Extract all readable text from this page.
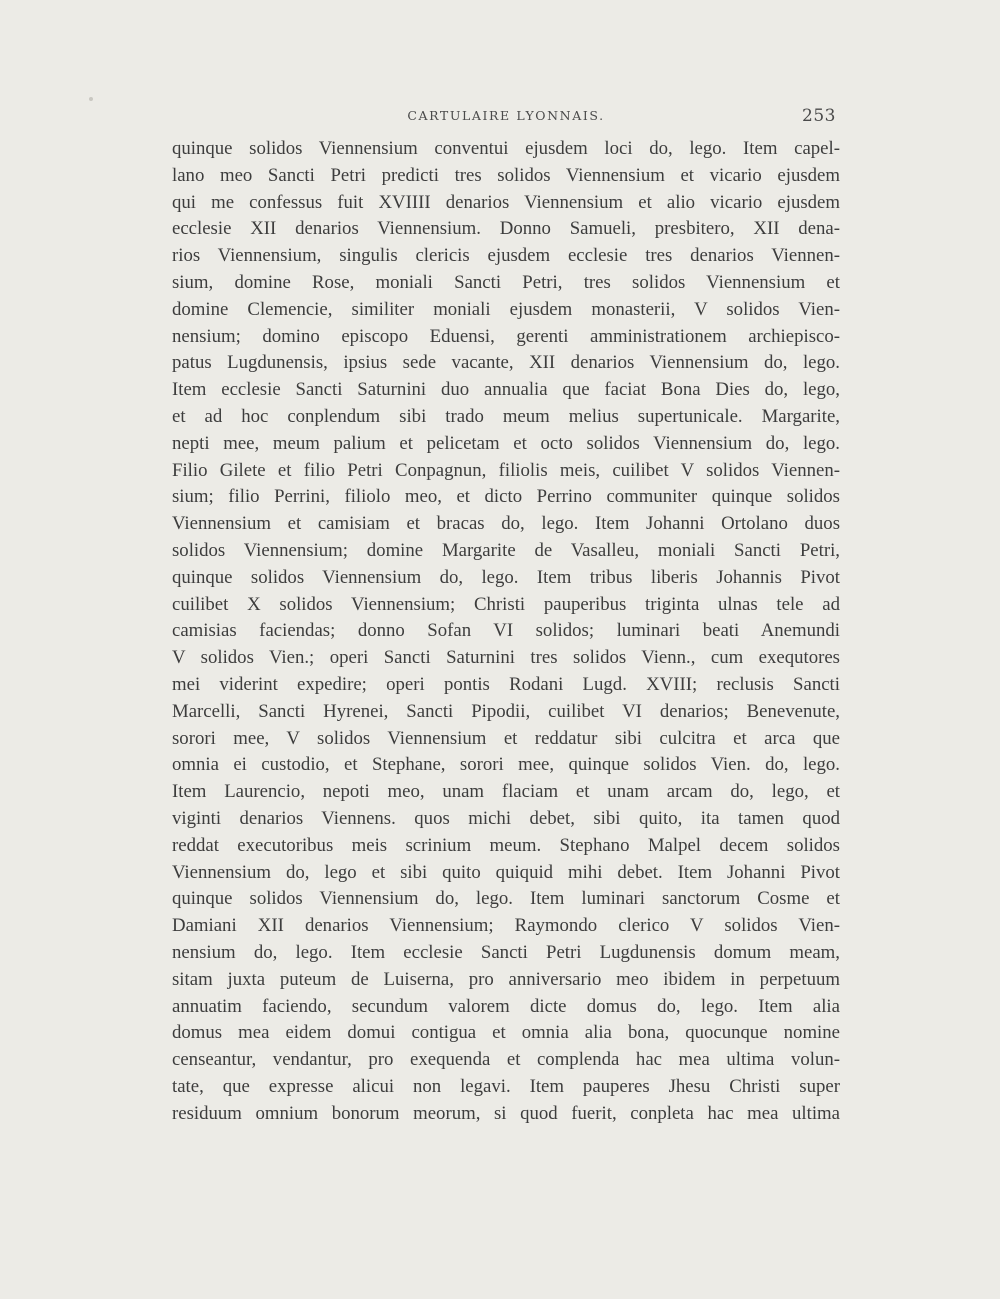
CARTULAIRE LYONNAIS.	253
quinque solidos Viennensium conventui ejusdem loci do, lego. Item capel-
lano meo Sancti Petri predicti tres solidos Viennensium et vicario ejusdem
qui me confessus fuit XVIIII denarios Viennensium et alio vicario ejusdem
ecclesie XII denarios Viennensium. Donno Samueli, presbitero, XII dena-
rios Viennensium, singulis clericis ejusdem ecclesie tres denarios Viennen-
sium, domine Rose, moniali Sancti Petri, tres solidos Viennensium et
domine Clemencie, similiter moniali ejusdem monasterii, V solidos Vien-
nensium; domino episcopo Eduensi, gerenti amministrationem archiepisco-
patus Lugdunensis, ipsius sede vacante, XII denarios Viennensium do, lego.
Item ecclesie Sancti Saturnini duo annualia que faciat Bona Dies do, lego,
et ad hoc conplendum sibi trado meum melius supertunicale. Margarite,
nepti mee, meum palium et pelicetam et octo solidos Viennensium do, lego.
Filio Gilete et filio Petri Conpagnun, filiolis meis, cuilibet V solidos Viennen-
sium; filio Perrini, filiolo meo, et dicto Perrino communiter quinque solidos
Viennensium et camisiam et bracas do, lego. Item Johanni Ortolano duos
solidos Viennensium; domine Margarite de Vasalleu, moniali Sancti Petri,
quinque solidos Viennensium do, lego. Item tribus liberis Johannis Pivot
cuilibet X solidos Viennensium; Christi pauperibus triginta ulnas tele ad
camisias faciendas; donno Sofan VI solidos; luminari beati Anemundi
V solidos Vien.; operi Sancti Saturnini tres solidos Vienn., cum exequtores
mei viderint expedire; operi pontis Rodani Lugd. XVIII; reclusis Sancti
Marcelli, Sancti Hyrenei, Sancti Pipodii, cuilibet VI denarios; Benevenute,
sorori mee, V solidos Viennensium et reddatur sibi culcitra et arca que
omnia ei custodio, et Stephane, sorori mee, quinque solidos Vien. do, lego.
Item Laurencio, nepoti meo, unam flaciam et unam arcam do, lego, et
viginti denarios Viennens. quos michi debet, sibi quito, ita tamen quod
reddat executoribus meis scrinium meum. Stephano Malpel decem solidos
Viennensium do, lego et sibi quito quiquid mihi debet. Item Johanni Pivot
quinque solidos Viennensium do, lego. Item luminari sanctorum Cosme et
Damiani XII denarios Viennensium; Raymondo clerico V solidos Vien-
nensium do, lego. Item ecclesie Sancti Petri Lugdunensis domum meam,
sitam juxta puteum de Luiserna, pro anniversario meo ibidem in perpetuum
annuatim faciendo, secundum valorem dicte domus do, lego. Item alia
domus mea eidem domui contigua et omnia alia bona, quocunque nomine
censeantur, vendantur, pro exequenda et complenda hac mea ultima volun-
tate, que expresse alicui non legavi. Item pauperes Jhesu Christi super
residuum omnium bonorum meorum, si quod fuerit, conpleta hac mea ultima
